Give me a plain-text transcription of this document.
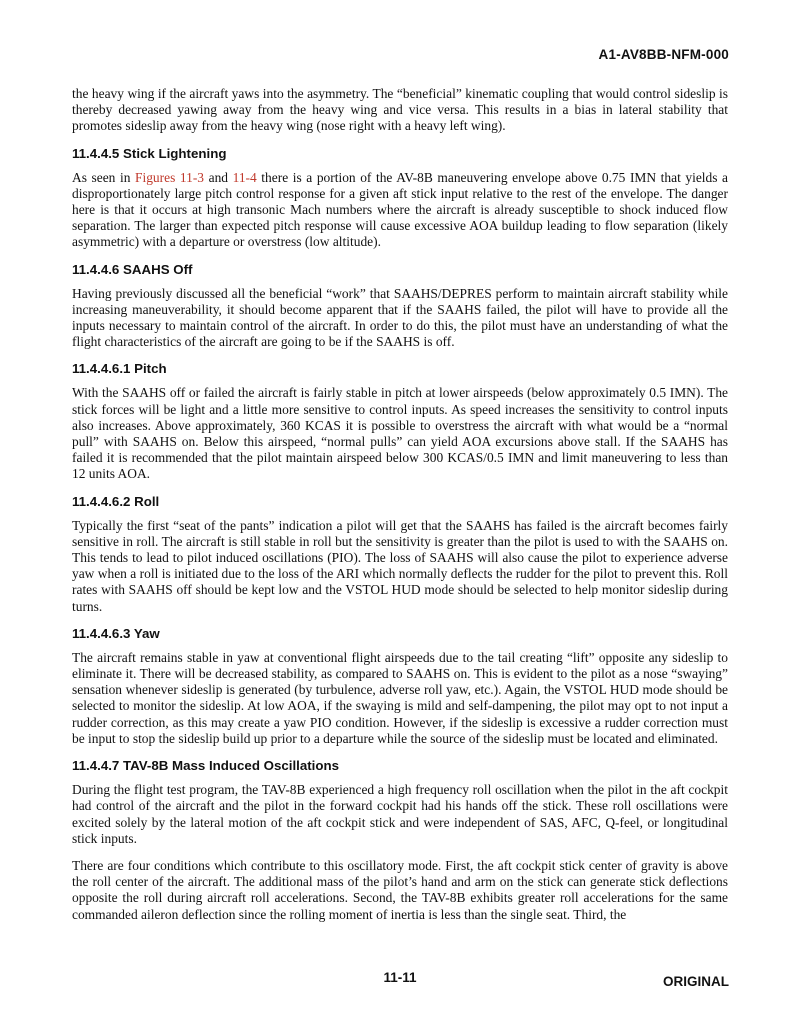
A1-AV8BB-NFM-000

the heavy wing if the aircraft yaws into the asymmetry. The “beneficial” kinematic coupling that would control sideslip is thereby decreased yawing away from the heavy wing and vice versa. This results in a bias in lateral stability that promotes sideslip away from the heavy wing (nose right with a heavy left wing).

11.4.4.5 Stick Lightening

As seen in Figures 11-3 and 11-4 there is a portion of the AV-8B maneuvering envelope above 0.75 IMN that yields a disproportionately large pitch control response for a given aft stick input relative to the rest of the envelope. The danger here is that it occurs at high transonic Mach numbers where the aircraft is already susceptible to shock induced flow separation. The larger than expected pitch response will cause excessive AOA buildup leading to flow separation (likely asymmetric) with a departure or overstress (low altitude).

11.4.4.6 SAAHS Off

Having previously discussed all the beneficial “work” that SAAHS/DEPRES perform to maintain aircraft stability while increasing maneuverability, it should become apparent that if the SAAHS failed, the pilot will have to provide all the inputs necessary to maintain control of the aircraft. In order to do this, the pilot must have an understanding of what the flight characteristics of the aircraft are going to be if the SAAHS is off.

11.4.4.6.1 Pitch

With the SAAHS off or failed the aircraft is fairly stable in pitch at lower airspeeds (below approximately 0.5 IMN). The stick forces will be light and a little more sensitive to control inputs. As speed increases the sensitivity to control inputs also increases. Above approximately, 360 KCAS it is possible to overstress the aircraft with what would be a “normal pull” with SAAHS on. Below this airspeed, “normal pulls” can yield AOA excursions above stall. If the SAAHS has failed it is recommended that the pilot maintain airspeed below 300 KCAS/0.5 IMN and limit maneuvering to less than 12 units AOA.

11.4.4.6.2 Roll

Typically the first “seat of the pants” indication a pilot will get that the SAAHS has failed is the aircraft becomes fairly sensitive in roll. The aircraft is still stable in roll but the sensitivity is greater than the pilot is used to with the SAAHS on. This tends to lead to pilot induced oscillations (PIO). The loss of SAAHS will also cause the pilot to experience adverse yaw when a roll is initiated due to the loss of the ARI which normally deflects the rudder for the pilot to prevent this. Roll rates with SAAHS off should be kept low and the VSTOL HUD mode should be selected to help monitor sideslip during turns.

11.4.4.6.3 Yaw

The aircraft remains stable in yaw at conventional flight airspeeds due to the tail creating “lift” opposite any sideslip to eliminate it. There will be decreased stability, as compared to SAAHS on. This is evident to the pilot as a nose “swaying” sensation whenever sideslip is generated (by turbulence, adverse roll yaw, etc.). Again, the VSTOL HUD mode should be selected to monitor the sideslip. At low AOA, if the swaying is mild and self-dampening, the pilot may opt to not input a rudder correction, as this may create a yaw PIO condition. However, if the sideslip is excessive a rudder correction must be input to stop the sideslip build up prior to a departure while the source of the sideslip must be located and eliminated.

11.4.4.7 TAV-8B Mass Induced Oscillations

During the flight test program, the TAV-8B experienced a high frequency roll oscillation when the pilot in the aft cockpit had control of the aircraft and the pilot in the forward cockpit had his hands off the stick. These roll oscillations were excited solely by the lateral motion of the aft cockpit stick and were independent of SAS, AFC, Q-feel, or longitudinal stick inputs.

There are four conditions which contribute to this oscillatory mode. First, the aft cockpit stick center of gravity is above the roll center of the aircraft. The additional mass of the pilot’s hand and arm on the stick can generate stick deflections opposite the roll during aircraft roll accelerations. Second, the TAV-8B exhibits greater roll accelerations for the same commanded aileron deflection since the rolling moment of inertia is less than the single seat. Third, the

11-11	ORIGINAL
